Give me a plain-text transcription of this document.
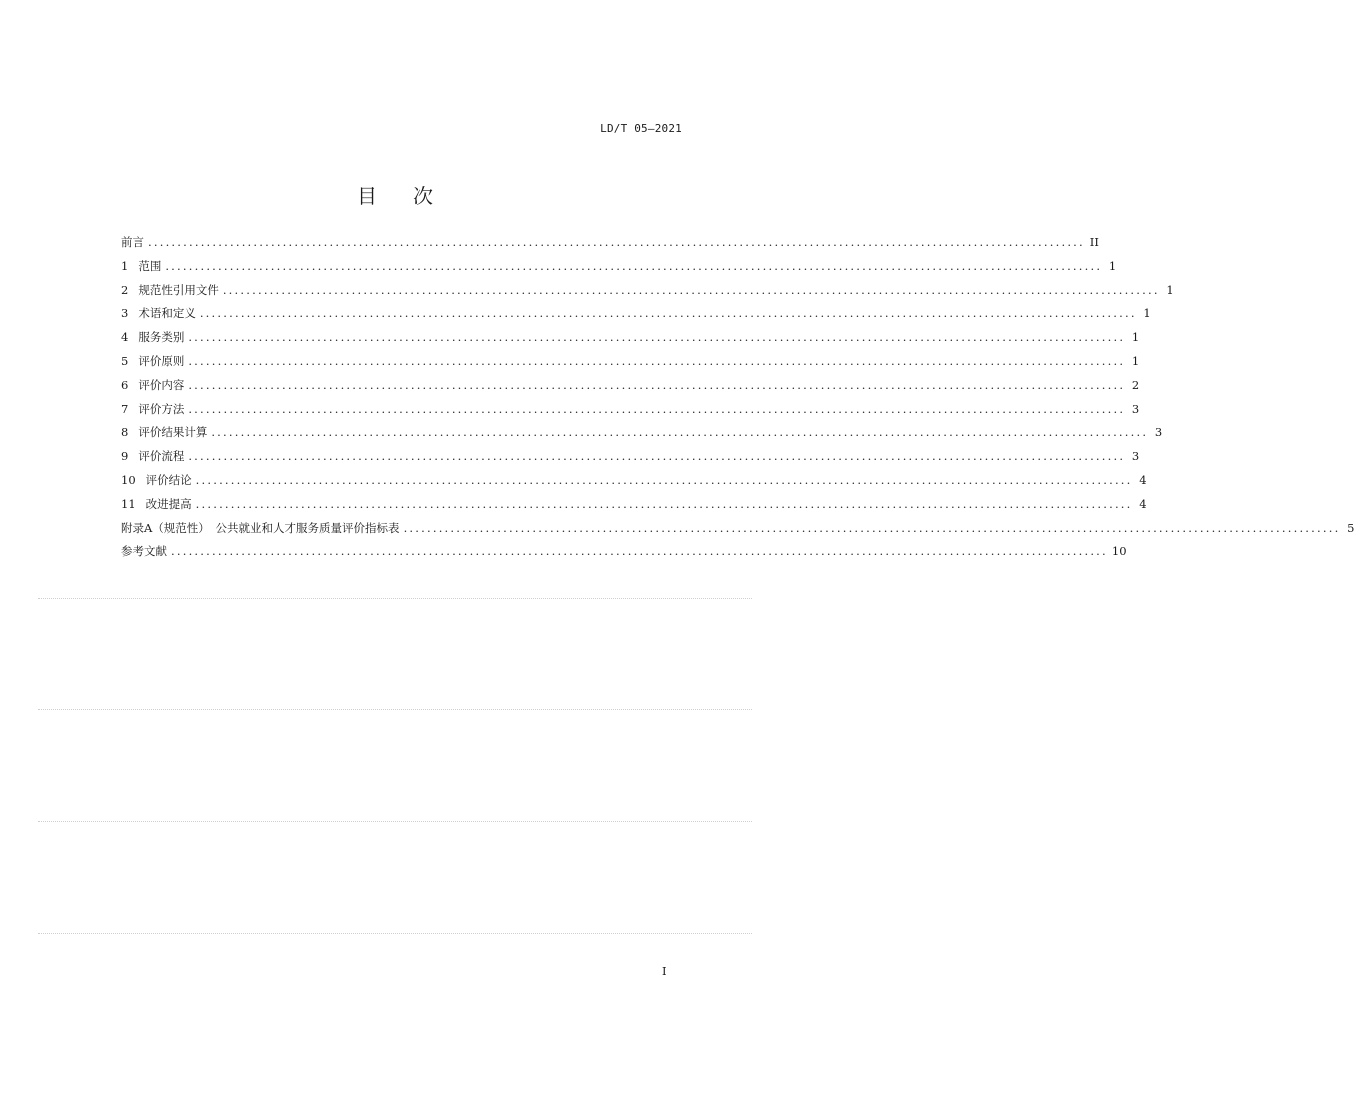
LD/T 05—2021
目 次
前言 ................................................................................................................................................................ II
1 范围 ................................................................................................................................................................ 1
2 规范性引用文件 ................................................................................................................................................................ 1
3 术语和定义 ................................................................................................................................................................ 1
4 服务类别 ................................................................................................................................................................ 1
5 评价原则 ................................................................................................................................................................ 1
6 评价内容 ................................................................................................................................................................ 2
7 评价方法 ................................................................................................................................................................ 3
8 评价结果计算 ................................................................................................................................................................ 3
9 评价流程 ................................................................................................................................................................ 3
10 评价结论 ................................................................................................................................................................ 4
11 改进提高 ................................................................................................................................................................ 4
附录A（规范性）　公共就业和人才服务质量评价指标表 ................................................................................................................................................................ 5
参考文献 ................................................................................................................................................................ 10
I
